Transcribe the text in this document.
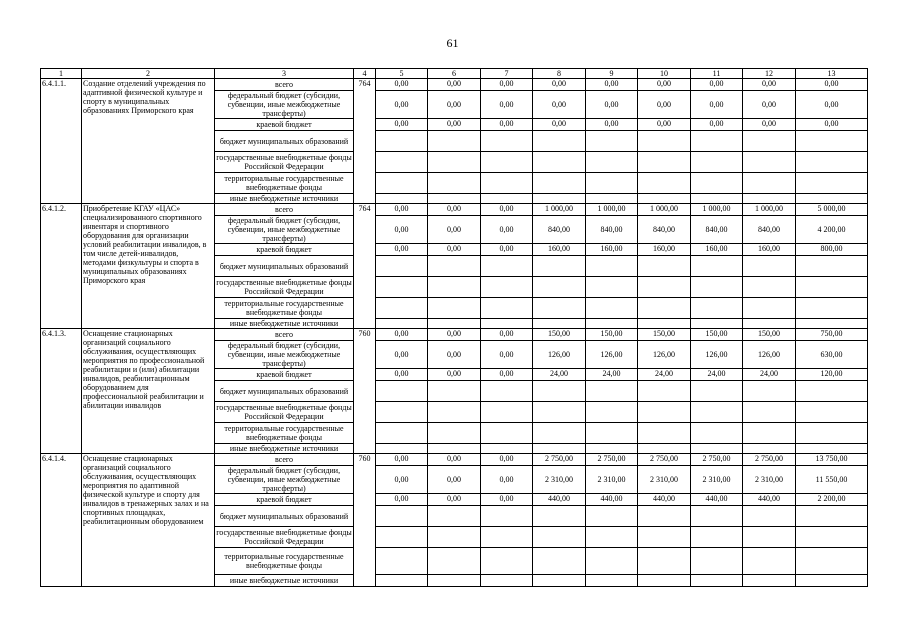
61
1	2	3	4	5	6	7	8	9	10	11	12	13
6.4.1.1.	Создание отделений учреждения по адаптивной физической культуре и спорту в муниципальных образованиях Приморского края	всего	764	0,00	0,00	0,00	0,00	0,00	0,00	0,00	0,00	0,00
		федеральный бюджет (субсидии, субвенции, иные межбюджетные трансферты)		0,00	0,00	0,00	0,00	0,00	0,00	0,00	0,00	0,00
		краевой бюджет		0,00	0,00	0,00	0,00	0,00	0,00	0,00	0,00	0,00
		бюджет муниципальных образований										
		государственные внебюджетные фонды Российской Федерации										
		территориальные государственные внебюджетные фонды										
		иные внебюджетные источники										
6.4.1.2.	Приобретение КГАУ «ЦАС» специализированного спортивного инвентаря и спортивного оборудования для организации условий реабилитации инвалидов, в том числе детей-инвалидов, методами физкультуры и спорта в муниципальных образованиях Приморского края	всего	764	0,00	0,00	0,00	1 000,00	1 000,00	1 000,00	1 000,00	1 000,00	5 000,00
		федеральный бюджет (субсидии, субвенции, иные межбюджетные трансферты)		0,00	0,00	0,00	840,00	840,00	840,00	840,00	840,00	4 200,00
		краевой бюджет		0,00	0,00	0,00	160,00	160,00	160,00	160,00	160,00	800,00
		бюджет муниципальных образований										
		государственные внебюджетные фонды Российской Федерации										
		территориальные государственные внебюджетные фонды										
		иные внебюджетные источники										
6.4.1.3.	Оснащение стационарных организаций социального обслуживания, осуществляющих мероприятия по профессиональной реабилитации и (или) абилитации инвалидов, реабилитационным оборудованием для профессиональной реабилитации и абилитации инвалидов	всего	760	0,00	0,00	0,00	150,00	150,00	150,00	150,00	150,00	750,00
		федеральный бюджет (субсидии, субвенции, иные межбюджетные трансферты)		0,00	0,00	0,00	126,00	126,00	126,00	126,00	126,00	630,00
		краевой бюджет		0,00	0,00	0,00	24,00	24,00	24,00	24,00	24,00	120,00
		бюджет муниципальных образований										
		государственные внебюджетные фонды Российской Федерации										
		территориальные государственные внебюджетные фонды										
		иные внебюджетные источники										
6.4.1.4.	Оснащение стационарных организаций социального обслуживания, осуществляющих мероприятия по адаптивной физической культуре и спорту для инвалидов в тренажерных залах и на спортивных площадках, реабилитационным оборудованием	всего	760	0,00	0,00	0,00	2 750,00	2 750,00	2 750,00	2 750,00	2 750,00	13 750,00
		федеральный бюджет (субсидии, субвенции, иные межбюджетные трансферты)		0,00	0,00	0,00	2 310,00	2 310,00	2 310,00	2 310,00	2 310,00	11 550,00
		краевой бюджет		0,00	0,00	0,00	440,00	440,00	440,00	440,00	440,00	2 200,00
		бюджет муниципальных образований										
		государственные внебюджетные фонды Российской Федерации										
		территориальные государственные внебюджетные фонды										
		иные внебюджетные источники										
